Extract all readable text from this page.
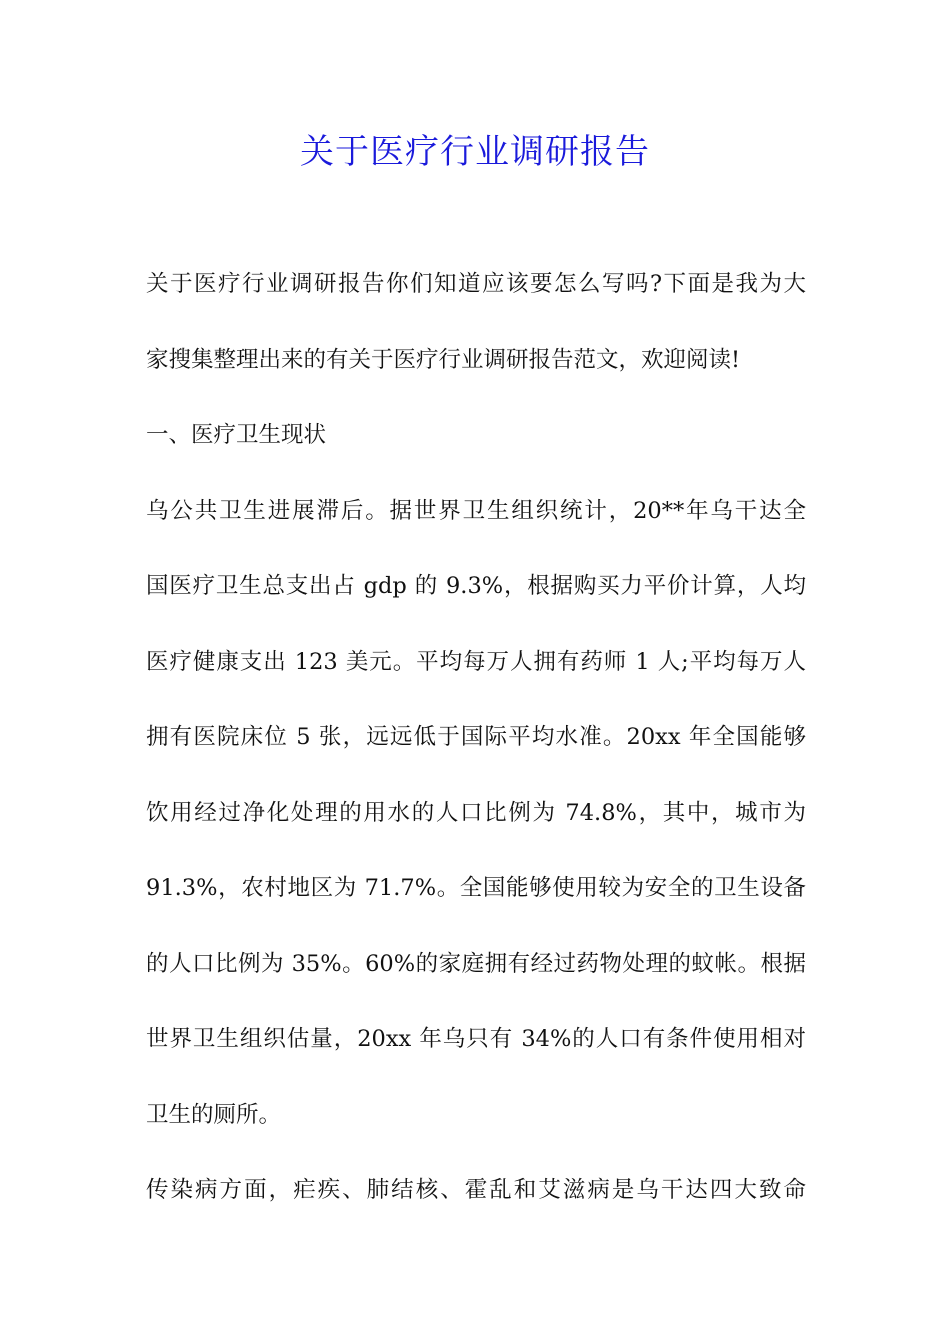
关于医疗行业调研报告
关于医疗行业调研报告你们知道应该要怎么写吗?下面是我为大
家搜集整理出来的有关于医疗行业调研报告范文，欢迎阅读!
一、医疗卫生现状
乌公共卫生进展滞后。据世界卫生组织统计，20**年乌干达全
国医疗卫生总支出占 gdp 的 9.3%，根据购买力平价计算，人均
医疗健康支出 123 美元。平均每万人拥有药师 1 人;平均每万人
拥有医院床位 5 张，远远低于国际平均水准。20xx 年全国能够
饮用经过净化处理的用水的人口比例为 74.8%，其中，城市为
91.3%，农村地区为 71.7%。全国能够使用较为安全的卫生设备
的人口比例为 35%。60%的家庭拥有经过药物处理的蚊帐。根据
世界卫生组织估量，20xx 年乌只有 34%的人口有条件使用相对
卫生的厕所。
传染病方面，疟疾、肺结核、霍乱和艾滋病是乌干达四大致命
